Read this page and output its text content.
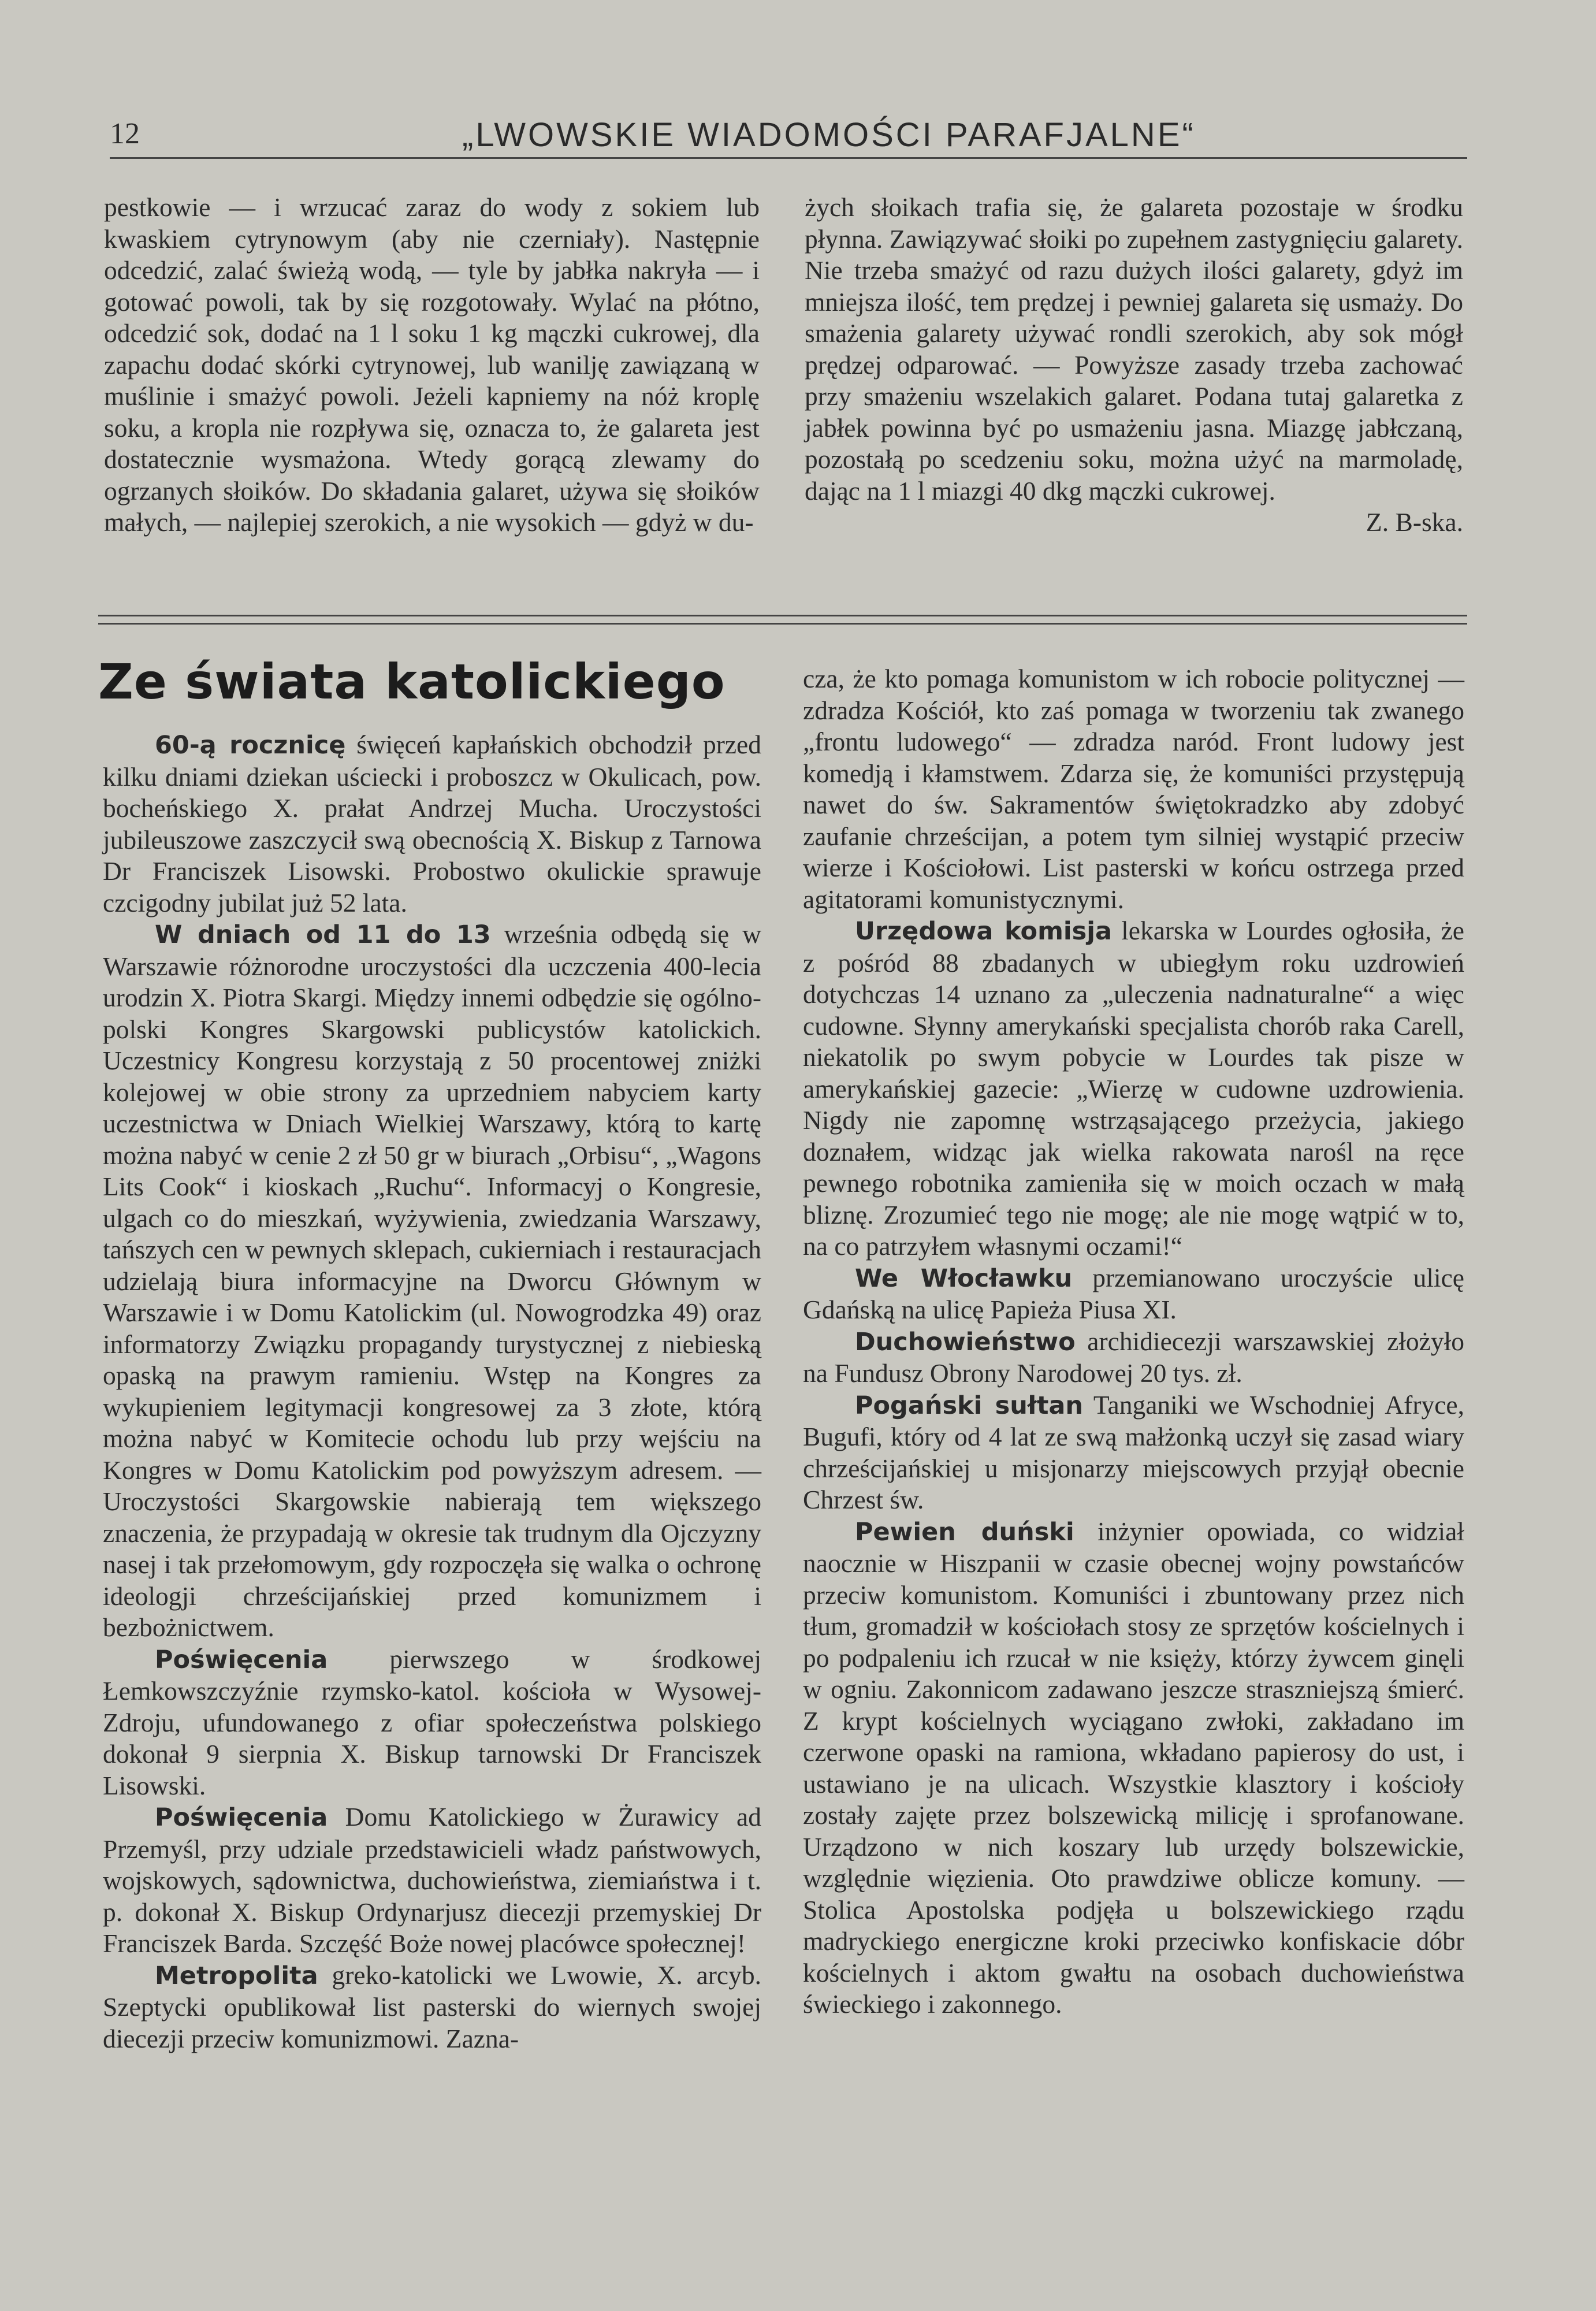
12	„LWOWSKIE WIADOMOŚCI PARAFJALNE“

pestkowie — i wrzucać zaraz do wody z sokiem lub kwaskiem cytrynowym (aby nie czerniały). Następnie odcedzić, zalać świeżą wodą, — tyle by jabłka nakryła — i gotować powoli, tak by się rozgotowały. Wylać na płótno, odcedzić sok, dodać na 1 l soku 1 kg mączki cukrowej, dla zapachu dodać skórki cytrynowej, lub wanilję zawiązaną w muślinie i smażyć powoli. Jeżeli kapniemy na nóż kroplę soku, a kropla nie rozpływa się, oznacza to, że galareta jest dostatecznie wysmażona. Wtedy gorącą zlewamy do ogrzanych słoików. Do składania galaret, używa się słoików małych, — najlepiej szerokich, a nie wysokich — gdyż w du-

żych słoikach trafia się, że galareta pozostaje w środku płynna. Zawiązywać słoiki po zupełnem zastygnięciu galarety. Nie trzeba smażyć od razu dużych ilości galarety, gdyż im mniejsza ilość, tem prędzej i pewniej galareta się usmaży. Do smażenia galarety używać rondli szerokich, aby sok mógł prędzej odparować. — Powyższe zasady trzeba zachować przy smażeniu wszelakich galaret. Podana tutaj galaretka z jabłek powinna być po usmażeniu jasna. Miazgę jabłczaną, pozostałą po scedzeniu soku, można użyć na marmoladę, dając na 1 l miazgi 40 dkg mączki cukrowej.

Z. B-ska.

Ze świata katolickiego

60-ą rocznicę święceń kapłańskich obchodził przed kilku dniami dziekan uściecki i proboszcz w Okulicach, pow. bocheńskiego X. prałat Andrzej Mucha. Uroczystości jubileuszowe zaszczycił swą obecnością X. Biskup z Tarnowa Dr Franciszek Lisowski. Probostwo okulickie sprawuje czcigodny jubilat już 52 lata.

W dniach od 11 do 13 września odbędą się w Warszawie różnorodne uroczystości dla uczczenia 400-lecia urodzin X. Piotra Skargi. Między innemi odbędzie się ogólno-polski Kongres Skargowski publicystów katolickich. Uczestnicy Kongresu korzystają z 50 procentowej zniżki kolejowej w obie strony za uprzedniem nabyciem karty uczestnictwa w Dniach Wielkiej Warszawy, którą to kartę można nabyć w cenie 2 zł 50 gr w biurach „Orbisu“, „Wagons Lits Cook“ i kioskach „Ruchu“. Informacyj o Kongresie, ulgach co do mieszkań, wyżywienia, zwiedzania Warszawy, tańszych cen w pewnych sklepach, cukierniach i restauracjach udzielają biura informacyjne na Dworcu Głównym w Warszawie i w Domu Katolickim (ul. Nowogrodzka 49) oraz informatorzy Związku propagandy turystycznej z niebieską opaską na prawym ramieniu. Wstęp na Kongres za wykupieniem legitymacji kongresowej za 3 złote, którą można nabyć w Komitecie ochodu lub przy wejściu na Kongres w Domu Katolickim pod powyższym adresem. — Uroczystości Skargowskie nabierają tem większego znaczenia, że przypadają w okresie tak trudnym dla Ojczyzny nasej i tak przełomowym, gdy rozpoczęła się walka o ochronę ideologji chrześcijańskiej przed komunizmem i bezbożnictwem.

Poświęcenia pierwszego w środkowej Łemkowszczyźnie rzymsko-katol. kościoła w Wysowej-Zdroju, ufundowanego z ofiar społeczeństwa polskiego dokonał 9 sierpnia X. Biskup tarnowski Dr Franciszek Lisowski.

Poświęcenia Domu Katolickiego w Żurawicy ad Przemyśl, przy udziale przedstawicieli władz państwowych, wojskowych, sądownictwa, duchowieństwa, ziemiaństwa i t. p. dokonał X. Biskup Ordynarjusz diecezji przemyskiej Dr Franciszek Barda. Szczęść Boże nowej placówce społecznej!

Metropolita greko-katolicki we Lwowie, X. arcyb. Szeptycki opublikował list pasterski do wiernych swojej diecezji przeciw komunizmowi. Zazna-

cza, że kto pomaga komunistom w ich robocie politycznej — zdradza Kościół, kto zaś pomaga w tworzeniu tak zwanego „frontu ludowego“ — zdradza naród. Front ludowy jest komedją i kłamstwem. Zdarza się, że komuniści przystępują nawet do św. Sakramentów świętokradzko aby zdobyć zaufanie chrześcijan, a potem tym silniej wystąpić przeciw wierze i Kościołowi. List pasterski w końcu ostrzega przed agitatorami komunistycznymi.

Urzędowa komisja lekarska w Lourdes ogłosiła, że z pośród 88 zbadanych w ubiegłym roku uzdrowień dotychczas 14 uznano za „uleczenia nadnaturalne“ a więc cudowne. Słynny amerykański specjalista chorób raka Carell, niekatolik po swym pobycie w Lourdes tak pisze w amerykańskiej gazecie: „Wierzę w cudowne uzdrowienia. Nigdy nie zapomnę wstrząsającego przeżycia, jakiego doznałem, widząc jak wielka rakowata narośl na ręce pewnego robotnika zamieniła się w moich oczach w małą bliznę. Zrozumieć tego nie mogę; ale nie mogę wątpić w to, na co patrzyłem własnymi oczami!“

We Włocławku przemianowano uroczyście ulicę Gdańską na ulicę Papieża Piusa XI.

Duchowieństwo archidiecezji warszawskiej złożyło na Fundusz Obrony Narodowej 20 tys. zł.

Pogański sułtan Tanganiki we Wschodniej Afryce, Bugufi, który od 4 lat ze swą małżonką uczył się zasad wiary chrześcijańskiej u misjonarzy miejscowych przyjął obecnie Chrzest św.

Pewien duński inżynier opowiada, co widział naocznie w Hiszpanii w czasie obecnej wojny powstańców przeciw komunistom. Komuniści i zbuntowany przez nich tłum, gromadził w kościołach stosy ze sprzętów kościelnych i po podpaleniu ich rzucał w nie księży, którzy żywcem ginęli w ogniu. Zakonnicom zadawano jeszcze straszniejszą śmierć. Z krypt kościelnych wyciągano zwłoki, zakładano im czerwone opaski na ramiona, wkładano papierosy do ust, i ustawiano je na ulicach. Wszystkie klasztory i kościoły zostały zajęte przez bolszewicką milicję i sprofanowane. Urządzono w nich koszary lub urzędy bolszewickie, względnie więzienia. Oto prawdziwe oblicze komuny. — Stolica Apostolska podjęła u bolszewickiego rządu madryckiego energiczne kroki przeciwko konfiskacie dóbr kościelnych i aktom gwałtu na osobach duchowieństwa świeckiego i zakonnego.
